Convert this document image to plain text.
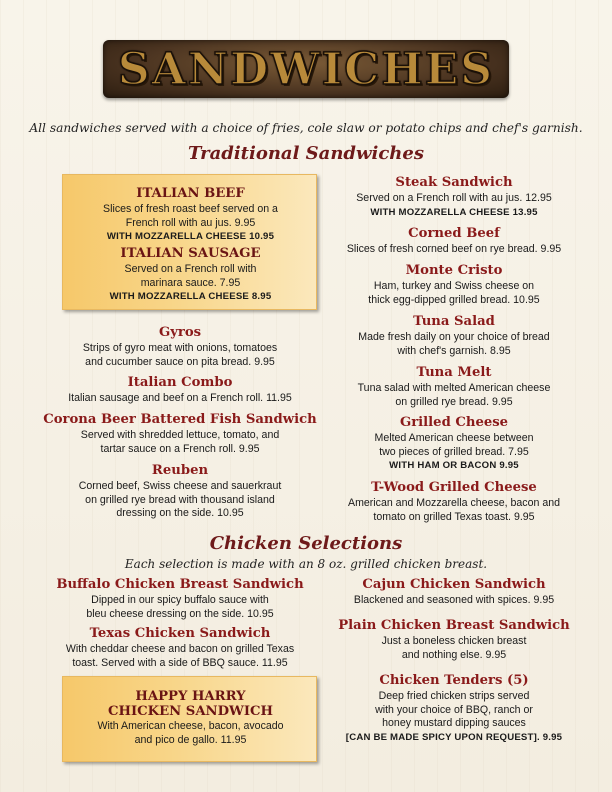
SANDWICHES
All sandwiches served with a choice of fries, cole slaw or potato chips and chef's garnish.
Traditional Sandwiches
ITALIAN BEEF
Slices of fresh roast beef served on a
French roll with au jus. 9.95
WITH MOZZARELLA CHEESE 10.95
ITALIAN SAUSAGE
Served on a French roll with
marinara sauce. 7.95
WITH MOZZARELLA CHEESE 8.95
Gyros
Strips of gyro meat with onions, tomatoes
and cucumber sauce on pita bread. 9.95
Italian Combo
Italian sausage and beef on a French roll. 11.95
Corona Beer Battered Fish Sandwich
Served with shredded lettuce, tomato, and
tartar sauce on a French roll. 9.95
Reuben
Corned beef, Swiss cheese and sauerkraut
on grilled rye bread with thousand island
dressing on the side. 10.95
Steak Sandwich
Served on a French roll with au jus. 12.95
WITH MOZZARELLA CHEESE 13.95
Corned Beef
Slices of fresh corned beef on rye bread. 9.95
Monte Cristo
Ham, turkey and Swiss cheese on
thick egg-dipped grilled bread. 10.95
Tuna Salad
Made fresh daily on your choice of bread
with chef's garnish. 8.95
Tuna Melt
Tuna salad with melted American cheese
on grilled rye bread. 9.95
Grilled Cheese
Melted American cheese between
two pieces of grilled bread. 7.95
WITH HAM OR BACON 9.95
T-Wood Grilled Cheese
American and Mozzarella cheese, bacon and
tomato on grilled Texas toast. 9.95
Chicken Selections
Each selection is made with an 8 oz. grilled chicken breast.
Buffalo Chicken Breast Sandwich
Dipped in our spicy buffalo sauce with
bleu cheese dressing on the side. 10.95
Texas Chicken Sandwich
With cheddar cheese and bacon on grilled Texas
toast. Served with a side of BBQ sauce. 11.95
HAPPY HARRY
CHICKEN SANDWICH
With American cheese, bacon, avocado
and pico de gallo. 11.95
Cajun Chicken Sandwich
Blackened and seasoned with spices. 9.95
Plain Chicken Breast Sandwich
Just a boneless chicken breast
and nothing else. 9.95
Chicken Tenders (5)
Deep fried chicken strips served
with your choice of BBQ, ranch or
honey mustard dipping sauces
[CAN BE MADE SPICY UPON REQUEST]. 9.95
